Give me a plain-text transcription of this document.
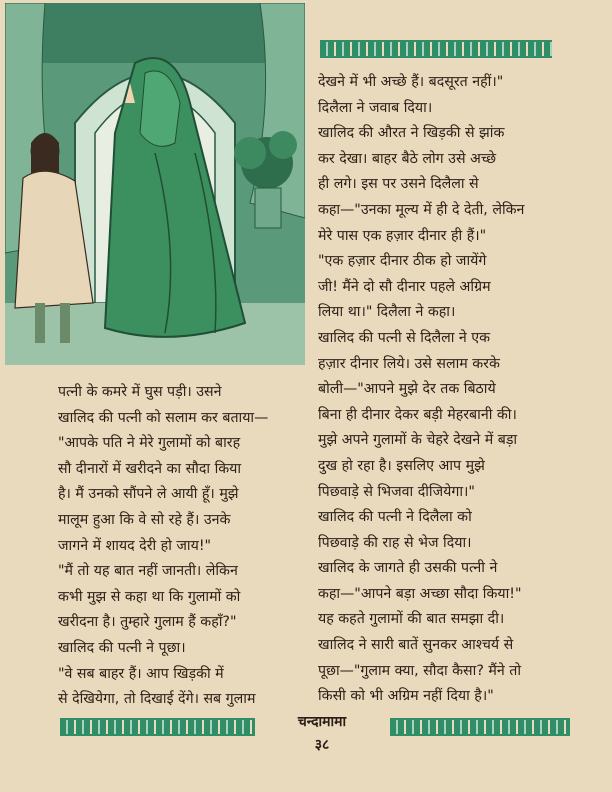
देखने में भी अच्छे हैं। बदसूरत नहीं।"

दिलैला ने जवाब दिया।

खालिद की औरत ने खिड़की से झांक

कर देखा। बाहर बैठे लोग उसे अच्छे

ही लगे। इस पर उसने दिलैला से

कहा—"उनका मूल्य में ही दे देती, लेकिन

मेरे पास एक हज़ार दीनार ही हैं।"

"एक हज़ार दीनार ठीक हो जायेंगे

जी! मैंने दो सौ दीनार पहले अग्रिम

लिया था।" दिलैला ने कहा।

खालिद की पत्नी से दिलैला ने एक

हज़ार दीनार लिये। उसे सलाम करके

बोली—"आपने मुझे देर तक बिठाये

बिना ही दीनार देकर बड़ी मेहरबानी की।

मुझे अपने गुलामों के चेहरे देखने में बड़ा

दुख हो रहा है। इसलिए आप मुझे

पिछवाड़े से भिजवा दीजियेगा।"

खालिद की पत्नी ने दिलैला को

पिछवाड़े की राह से भेज दिया।

खालिद के जागते ही उसकी पत्नी ने

कहा—"आपने बड़ा अच्छा सौदा किया!"

यह कहते गुलामों की बात समझा दी।

खालिद ने सारी बातें सुनकर आश्चर्य से

पूछा—"गुलाम क्या, सौदा कैसा? मैंने तो

किसी को भी अग्रिम नहीं दिया है।"

पत्नी के कमरे में घुस पड़ी। उसने

खालिद की पत्नी को सलाम कर बताया—

"आपके पति ने मेरे गुलामों को बारह

सौ दीनारों में खरीदने का सौदा किया

है। मैं उनको सौंपने ले आयी हूँ। मुझे

मालूम हुआ कि वे सो रहे हैं। उनके

जागने में शायद देरी हो जाय!"

"मैं तो यह बात नहीं जानती। लेकिन

कभी मुझ से कहा था कि गुलामों को

खरीदना है। तुम्हारे गुलाम हैं कहाँ?"

खालिद की पत्नी ने पूछा।

"वे सब बाहर हैं। आप खिड़की में

से देखियेगा, तो दिखाई देंगे। सब गुलाम

चन्दामामा
३८
